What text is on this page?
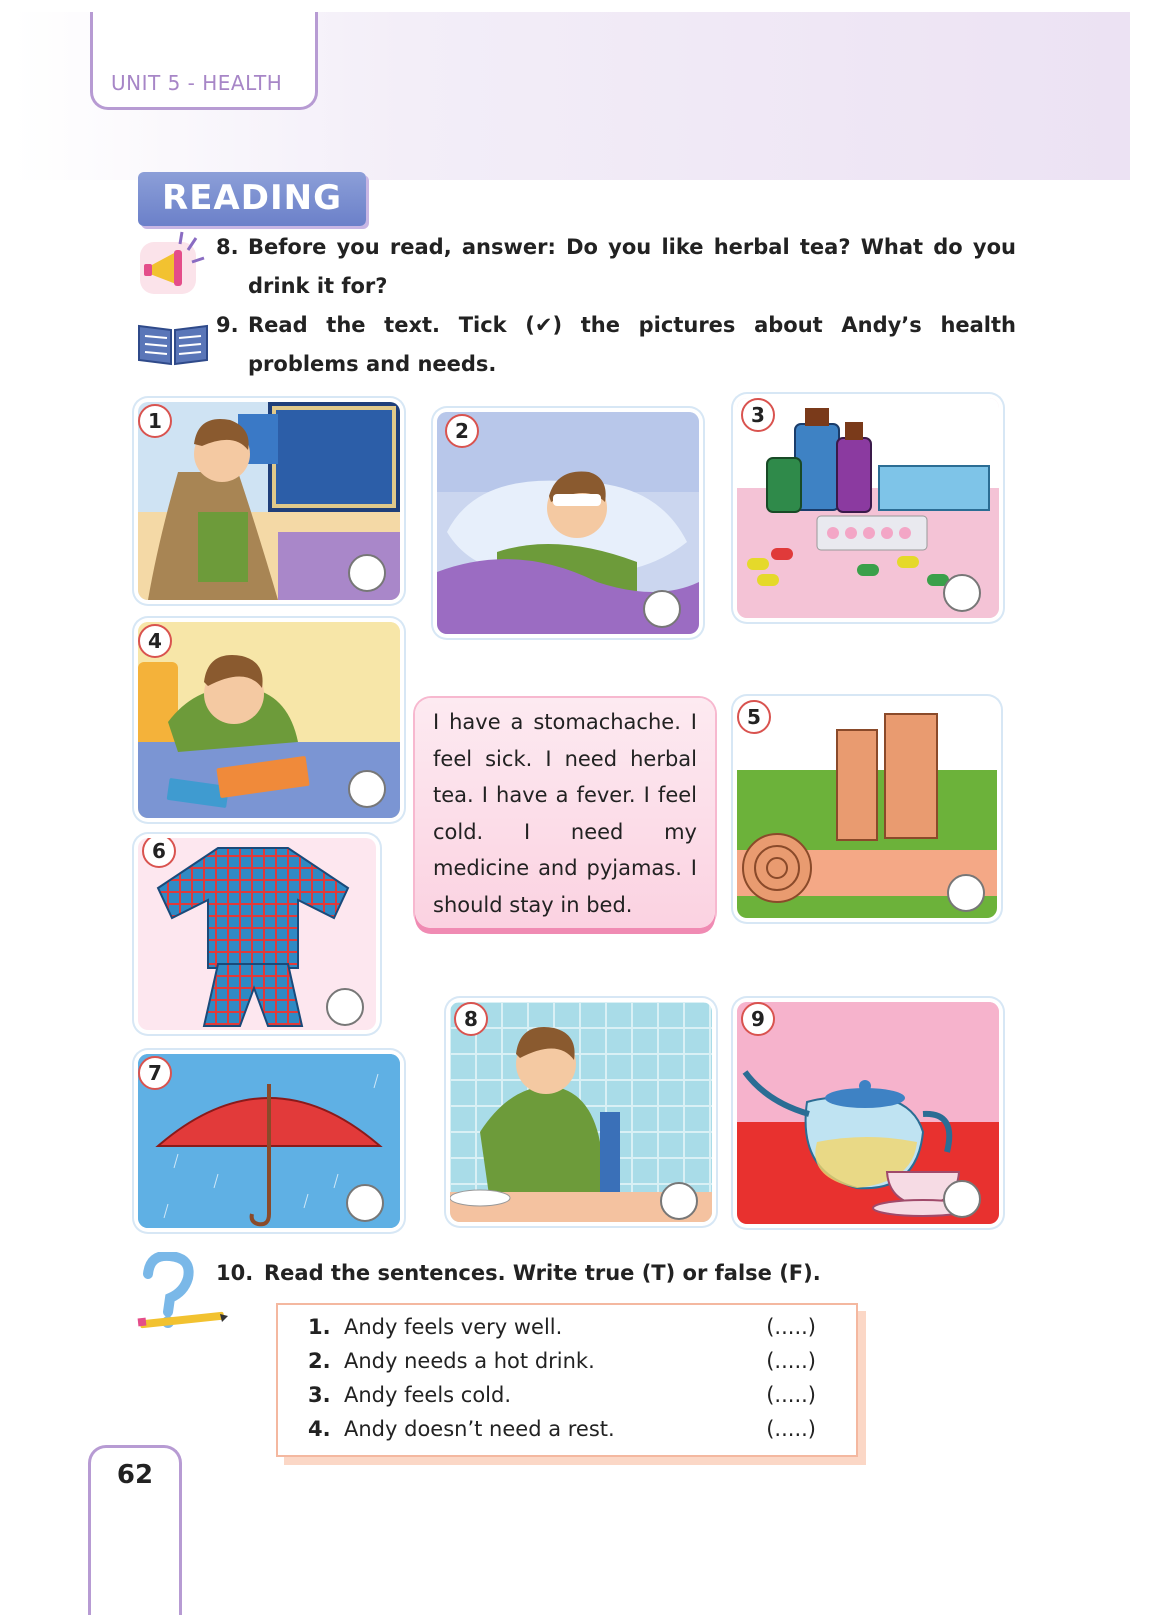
UNIT 5 - HEALTH
READING
8. Before you read, answer: Do you like herbal tea? What do you drink it for?
9. Read the text. Tick (✔) the pictures about Andy’s health problems and needs.
1	2
3
4

I have a stomachache. I feel sick. I need herbal tea. I have a fever. I feel cold. I need my medicine and pyjamas. I should stay in bed.

5
6
7
8	9
10. Read the sentences. Write true (T) or false (F).
1. Andy feels very well.	(.....)
2. Andy needs a hot drink.	(.....)
3. Andy feels cold.	(.....)
4. Andy doesn’t need a rest.	(.....)
62
